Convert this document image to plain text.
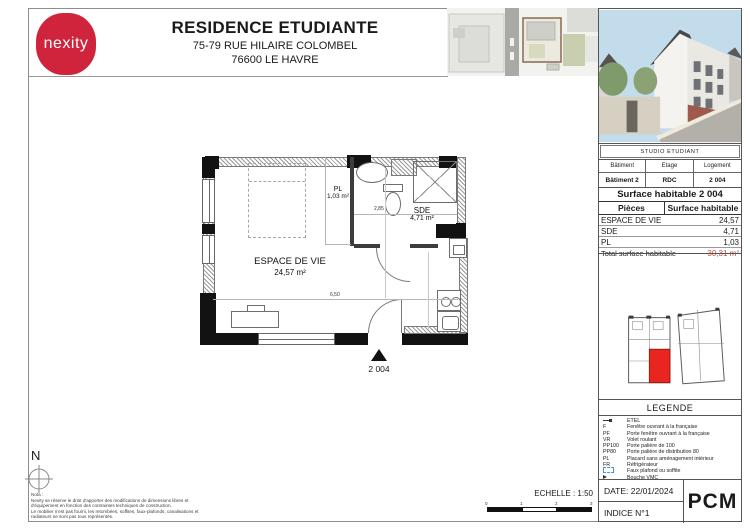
nexity
RESIDENCE ETUDIANTE
75-79 RUE HILAIRE COLOMBEL
76600 LE HAVRE
STUDIO ETUDIANT
Bâtiment	Etage	Logement
Bâtiment 2	RDC	2 004
Surface habitable 2 004
Pièces	Surface habitable
ESPACE DE VIE	24,57
SDE	4,71
PL	1,03
Total surface habitable	30,31 m²
LEGENDE
ETEL
F	Fenêtre ouvrant à la française
PF	Porte fenêtre ouvrant à la française
VR	Volet roulant
PP100	Porte palière de 100
PP80	Porte palière de distribution 80
PL	Placard sans aménagement intérieur
FR	Réfrigérateur
Faux plafond ou soffite
Bouche VMC
DATE: 22/01/2024
INDICE N°1	PCM
PL
1,03 m²
SDE
4,71 m²
ESPACE DE VIE
24,57 m²
2,85
6,50
2 004
N
Nota :
Nexity se réserve le droit d'apporter des modifications de dimensions libres et
d'équipement en fonction des contraintes techniques de construction.
Le mobilier n'est pas fourni, les retombées, soffites, faux-plafonds, canalisations et
radiateurs ne sont pas tous représentés.
ECHELLE : 1:50
0	1	2	3
